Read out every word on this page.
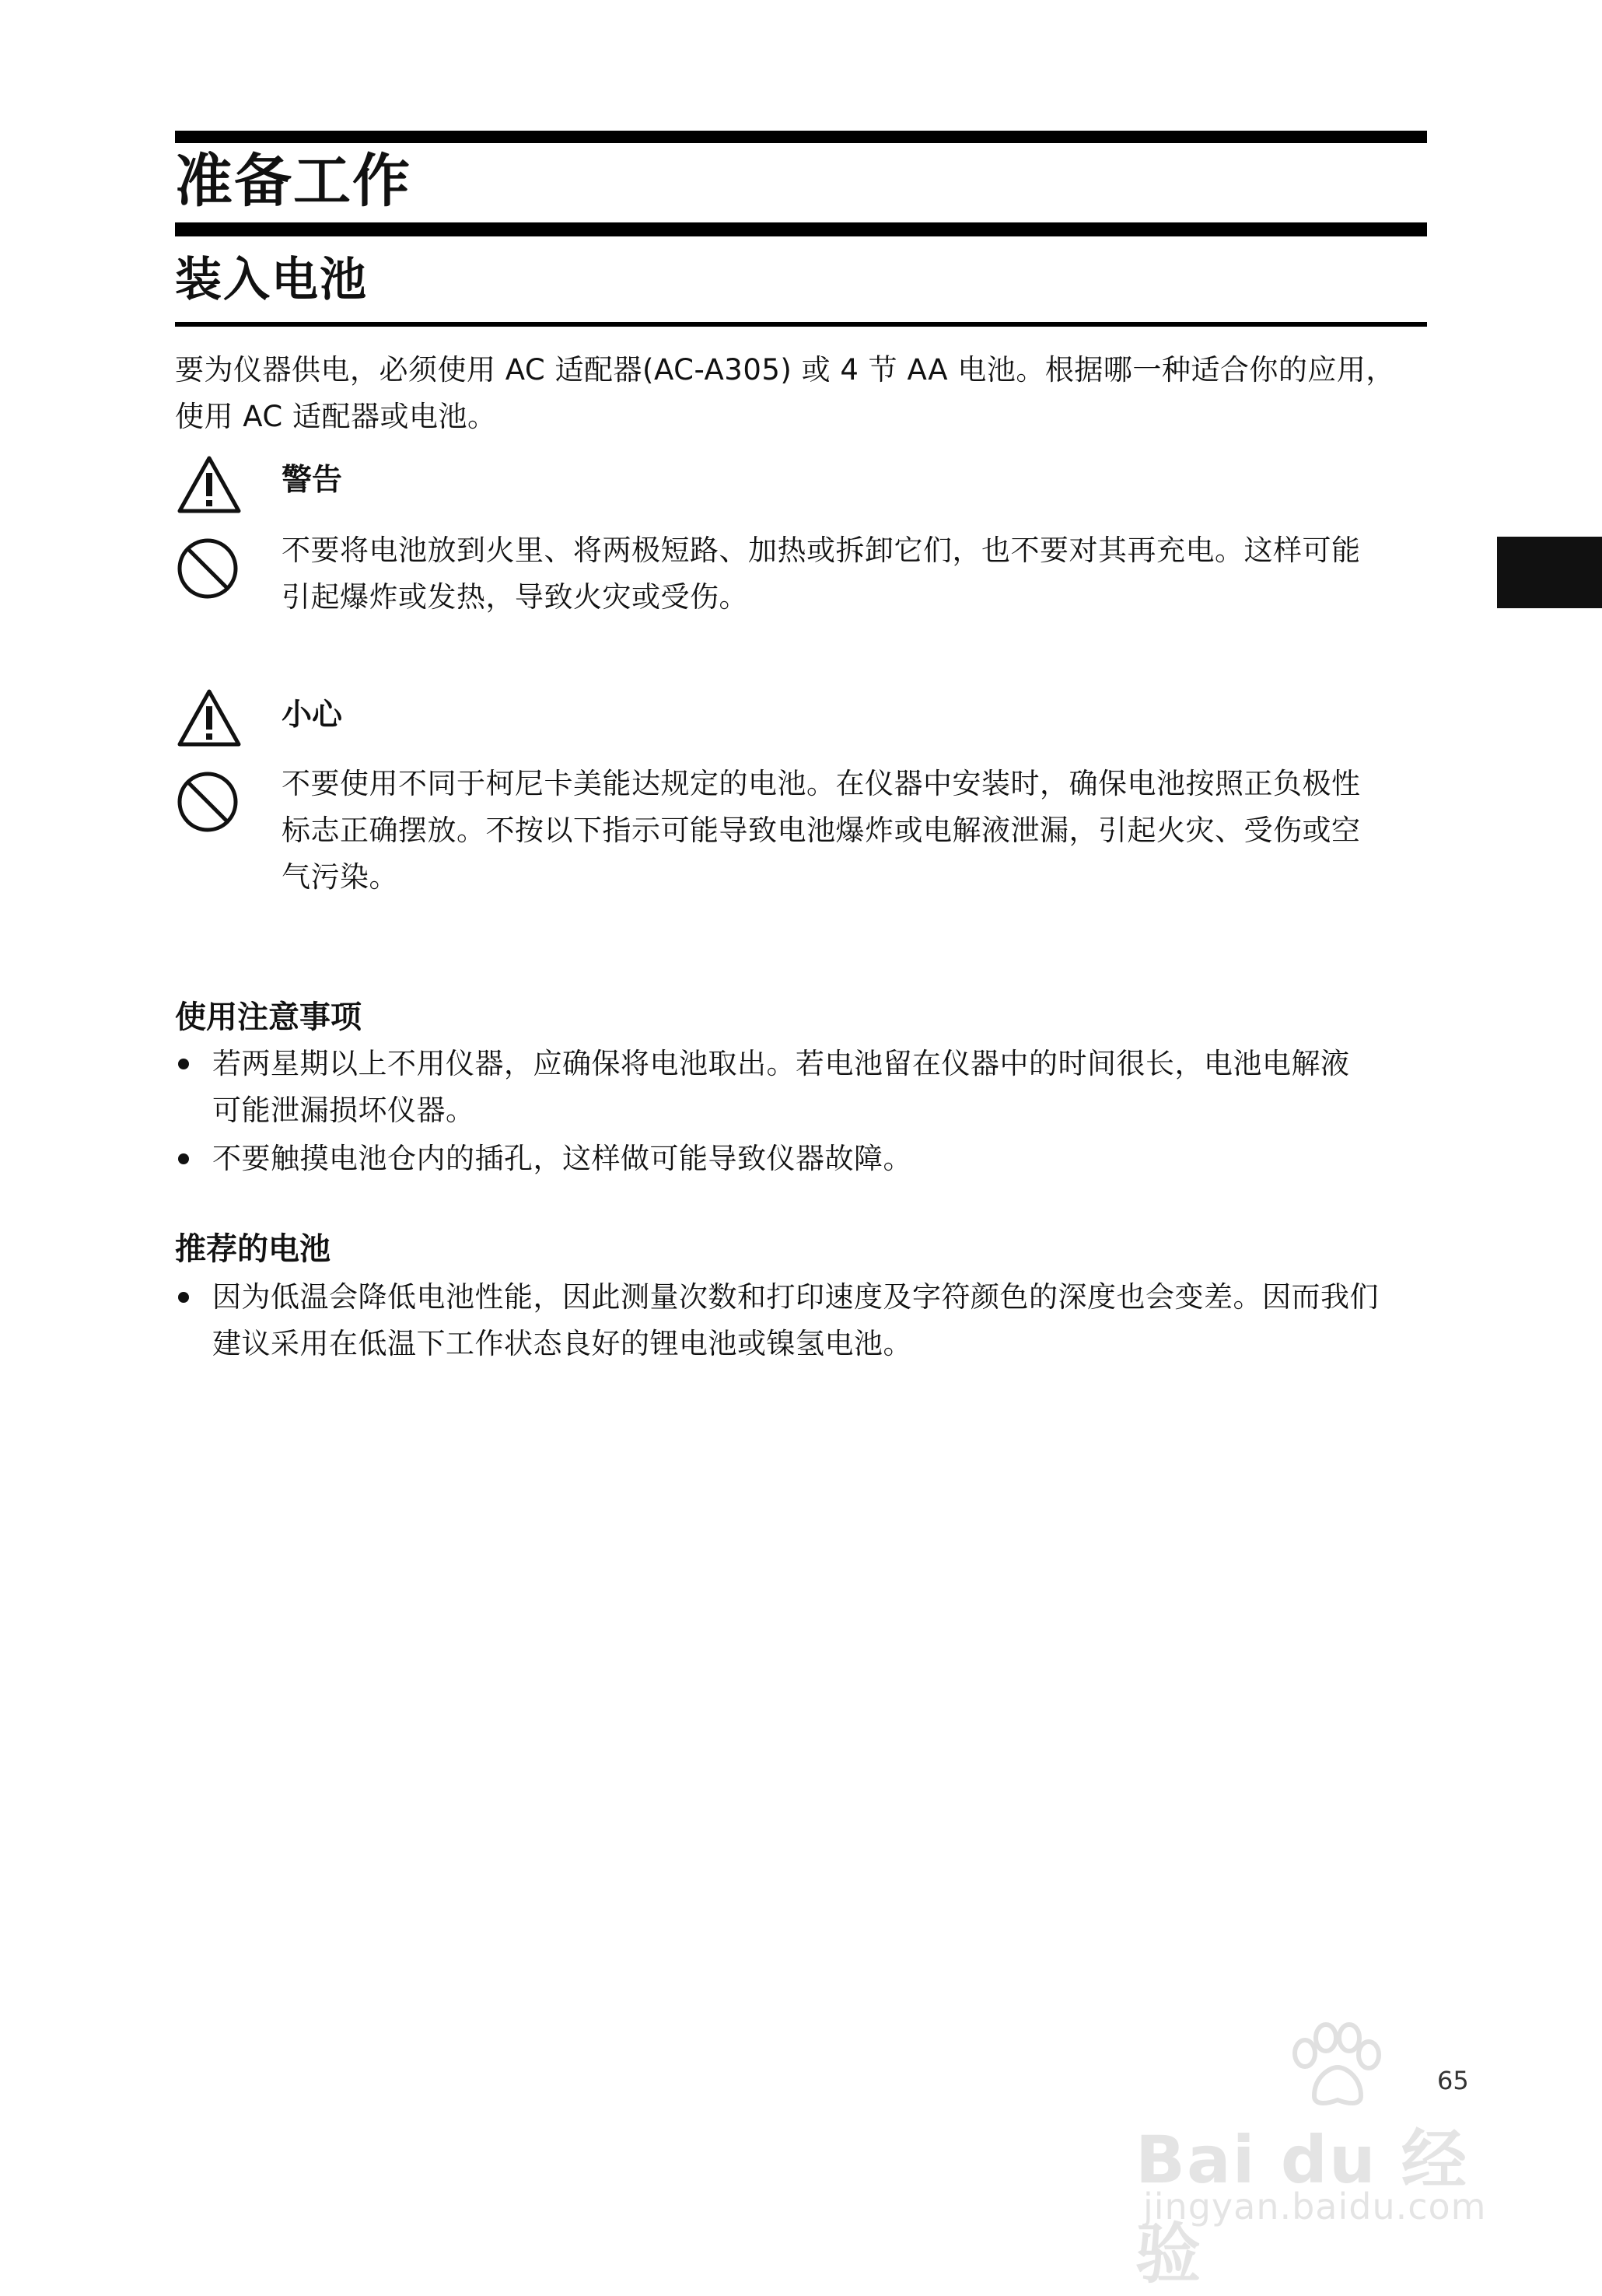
准备工作
装入电池
要为仪器供电，必须使用 AC 适配器(AC-A305) 或 4 节 AA 电池。根据哪一种适合你的应用，
使用 AC 适配器或电池。
警告
不要将电池放到火里、将两极短路、加热或拆卸它们，也不要对其再充电。这样可能
引起爆炸或发热，导致火灾或受伤。
小心
不要使用不同于柯尼卡美能达规定的电池。在仪器中安装时，确保电池按照正负极性
标志正确摆放。不按以下指示可能导致电池爆炸或电解液泄漏，引起火灾、受伤或空
气污染。
使用注意事项
若两星期以上不用仪器，应确保将电池取出。若电池留在仪器中的时间很长，电池电解液
可能泄漏损坏仪器。
不要触摸电池仓内的插孔，这样做可能导致仪器故障。
推荐的电池
因为低温会降低电池性能，因此测量次数和打印速度及字符颜色的深度也会变差。因而我们
建议采用在低温下工作状态良好的锂电池或镍氢电池。
65
Bai du 经验
jingyan.baidu.com
